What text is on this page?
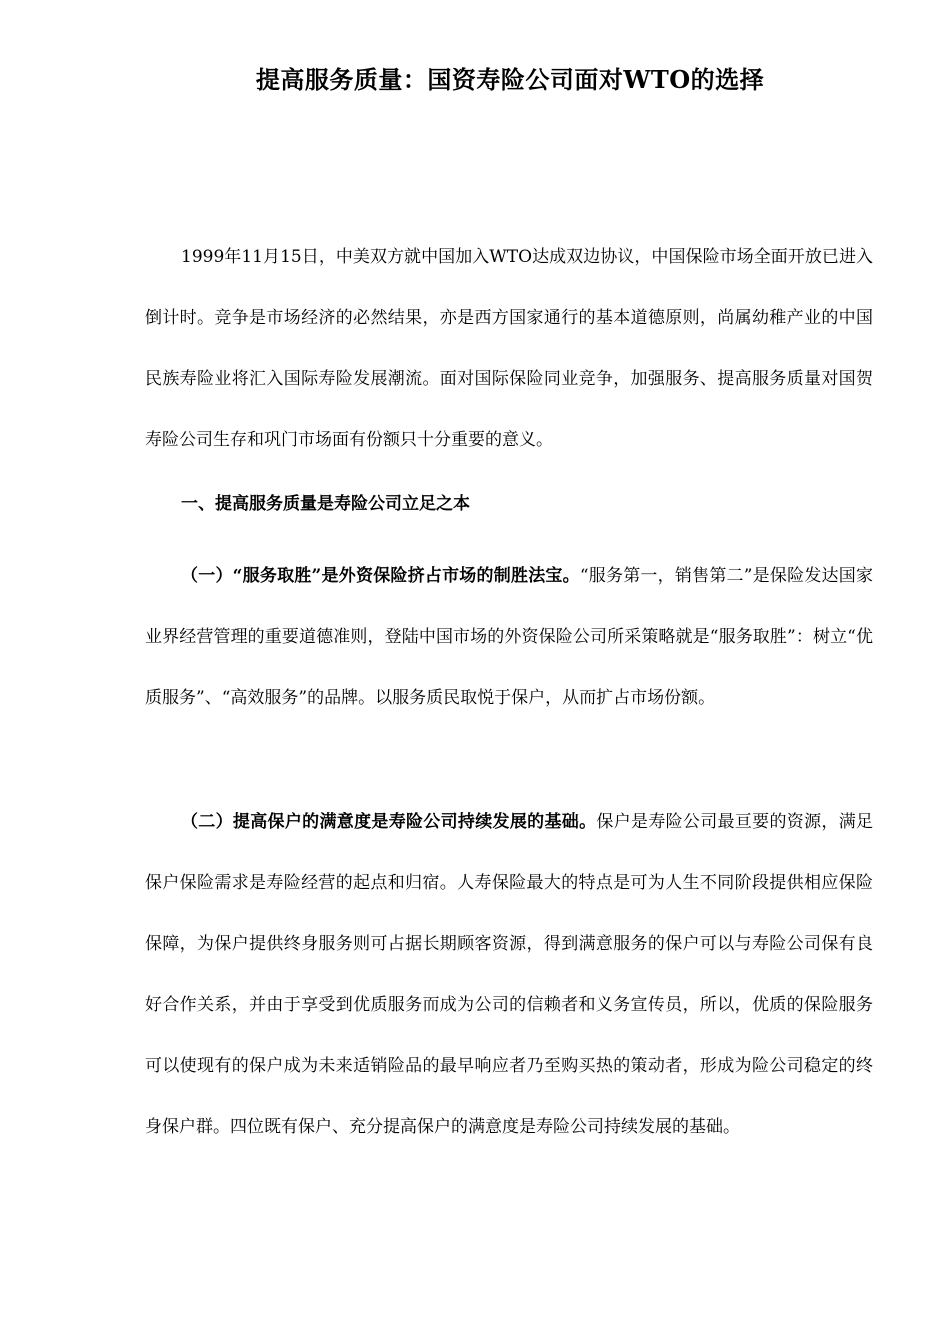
提高服务质量：国资寿险公司面对WTO的选择

1999年11月15日，中美双方就中国加入WTO达成双边协议，中国保险市场全面开放已进入倒计时。竞争是市场经济的必然结果，亦是西方国家通行的基本道德原则，尚属幼稚产业的中国民族寿险业将汇入国际寿险发展潮流。面对国际保险同业竞争，加强服务、提高服务质量对国贺寿险公司生存和巩门市场面有份额只十分重要的意义。

一、提高服务质量是寿险公司立足之本

（一）“服务取胜”是外资保险挤占市场的制胜法宝。“服务第一，销售第二”是保险发达国家业界经营管理的重要道德准则，登陆中国市场的外资保险公司所采策略就是“服务取胜”：树立“优质服务”、“高效服务”的品牌。以服务质民取悦于保户，从而扩占市场份额。

（二）提高保户的满意度是寿险公司持续发展的基础。保户是寿险公司最亘要的资源，满足保户保险需求是寿险经营的起点和归宿。人寿保险最大的特点是可为人生不同阶段提供相应保险保障，为保户提供终身服务则可占据长期顾客资源，得到满意服务的保户可以与寿险公司保有良好合作关系，并由于享受到优质服务而成为公司的信赖者和义务宣传员，所以，优质的保险服务可以使现有的保户成为未来适销险品的最早响应者乃至购买热的策动者，形成为险公司稳定的终身保户群。四位既有保户、充分提高保户的满意度是寿险公司持续发展的基础。
